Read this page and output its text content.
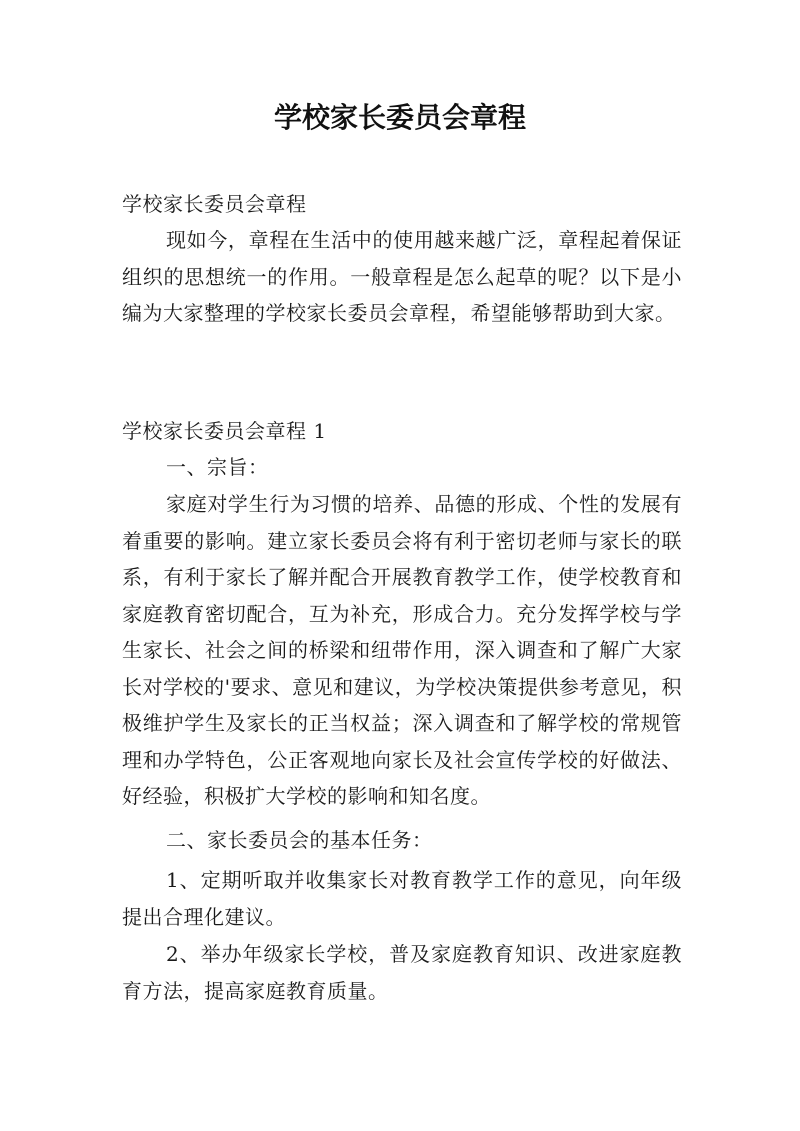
学校家长委员会章程

学校家长委员会章程

现如今，章程在生活中的使用越来越广泛，章程起着保证组织的思想统一的作用。一般章程是怎么起草的呢？以下是小编为大家整理的学校家长委员会章程，希望能够帮助到大家。

学校家长委员会章程 1

一、宗旨：

家庭对学生行为习惯的培养、品德的形成、个性的发展有着重要的影响。建立家长委员会将有利于密切老师与家长的联系，有利于家长了解并配合开展教育教学工作，使学校教育和家庭教育密切配合，互为补充，形成合力。充分发挥学校与学生家长、社会之间的桥梁和纽带作用，深入调查和了解广大家长对学校的'要求、意见和建议，为学校决策提供参考意见，积极维护学生及家长的正当权益；深入调查和了解学校的常规管理和办学特色，公正客观地向家长及社会宣传学校的好做法、好经验，积极扩大学校的影响和知名度。

二、家长委员会的基本任务：

1、定期听取并收集家长对教育教学工作的意见，向年级提出合理化建议。

2、举办年级家长学校，普及家庭教育知识、改进家庭教育方法，提高家庭教育质量。
